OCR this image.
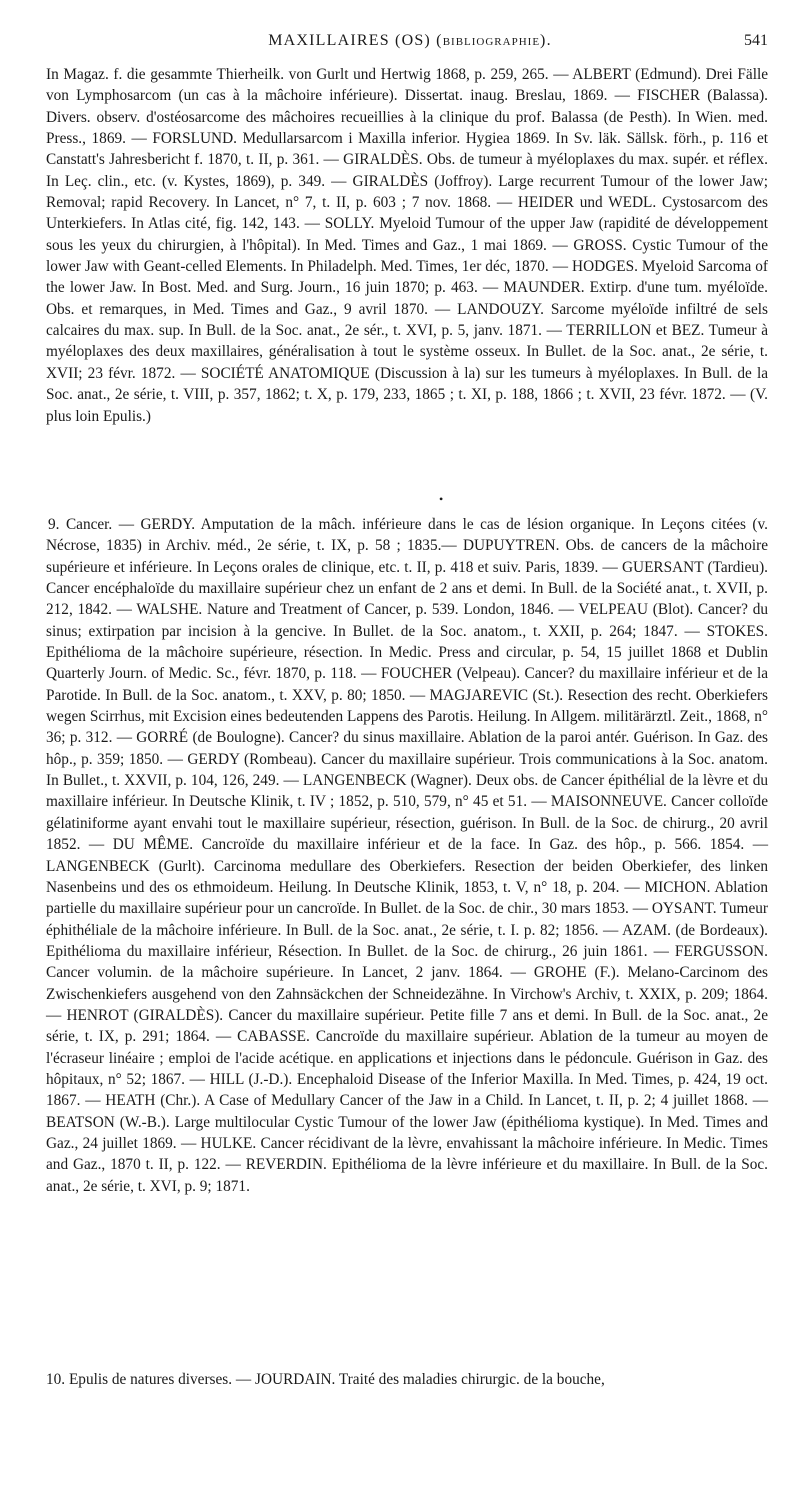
MAXILLAIRES (OS) (BIBLIOGRAPHIE).	541

In Magaz. f. die gesammte Thierheilk. von Gurlt und Hertwig 1868, p. 259, 265. — ALBERT (Edmund). Drei Fälle von Lymphosarcom (un cas à la mâchoire inférieure). Dissertat. inaug. Breslau, 1869. — FISCHER (Balassa). Divers. observ. d'ostéosarcome des mâchoires recueillies à la clinique du prof. Balassa (de Pesth). In Wien. med. Press., 1869. — FORSLUND. Medullarsarcom i Maxilla inferior. Hygiea 1869. In Sv. läk. Sällsk. förh., p. 116 et Canstatt's Jahresbericht f. 1870, t. II, p. 361. — GIRALDÈS. Obs. de tumeur à myéloplaxes du max. supér. et réflex. In Leç. clin., etc. (v. Kystes, 1869), p. 349. — GIRALDÈS (Joffroy). Large recurrent Tumour of the lower Jaw; Removal; rapid Recovery. In Lancet, n° 7, t. II, p. 603 ; 7 nov. 1868. — HEIDER und WEDL. Cystosarcom des Unterkiefers. In Atlas cité, fig. 142, 143. — SOLLY. Myeloid Tumour of the upper Jaw (rapidité de développement sous les yeux du chirurgien, à l'hôpital). In Med. Times and Gaz., 1 mai 1869. — GROSS. Cystic Tumour of the lower Jaw with Geant-celled Elements. In Philadelph. Med. Times, 1er déc, 1870. — HODGES. Myeloid Sarcoma of the lower Jaw. In Bost. Med. and Surg. Journ., 16 juin 1870; p. 463. — MAUNDER. Extirp. d'une tum. myéloïde. Obs. et remarques, in Med. Times and Gaz., 9 avril 1870. — LANDOUZY. Sarcome myéloïde infiltré de sels calcaires du max. sup. In Bull. de la Soc. anat., 2e sér., t. XVI, p. 5, janv. 1871. — TERRILLON et BEZ. Tumeur à myéloplaxes des deux maxillaires, généralisation à tout le système osseux. In Bullet. de la Soc. anat., 2e série, t. XVII; 23 févr. 1872. — SOCIÉTÉ ANATOMIQUE (Discussion à la) sur les tumeurs à myéloplaxes. In Bull. de la Soc. anat., 2e série, t. VIII, p. 357, 1862; t. X, p. 179, 233, 1865 ; t. XI, p. 188, 1866 ; t. XVII, 23 févr. 1872. — (V. plus loin Epulis.)

•

9. Cancer. — GERDY. Amputation de la mâch. inférieure dans le cas de lésion organique. In Leçons citées (v. Nécrose, 1835) in Archiv. méd., 2e série, t. IX, p. 58 ; 1835.— DUPUYTREN. Obs. de cancers de la mâchoire supérieure et inférieure. In Leçons orales de clinique, etc. t. II, p. 418 et suiv. Paris, 1839. — GUERSANT (Tardieu). Cancer encéphaloïde du maxillaire supérieur chez un enfant de 2 ans et demi. In Bull. de la Société anat., t. XVII, p. 212, 1842. — WALSHE. Nature and Treatment of Cancer, p. 539. London, 1846. — VELPEAU (Blot). Cancer? du sinus; extirpation par incision à la gencive. In Bullet. de la Soc. anatom., t. XXII, p. 264; 1847. — STOKES. Epithélioma de la mâchoire supérieure, résection. In Medic. Press and circular, p. 54, 15 juillet 1868 et Dublin Quarterly Journ. of Medic. Sc., févr. 1870, p. 118. — FOUCHER (Velpeau). Cancer? du maxillaire inférieur et de la Parotide. In Bull. de la Soc. anatom., t. XXV, p. 80; 1850. — MAGJAREVIC (St.). Resection des recht. Oberkiefers wegen Scirrhus, mit Excision eines bedeutenden Lappens des Parotis. Heilung. In Allgem. militärärztl. Zeit., 1868, n° 36; p. 312. — GORRÉ (de Boulogne). Cancer? du sinus maxillaire. Ablation de la paroi antér. Guérison. In Gaz. des hôp., p. 359; 1850. — GERDY (Rombeau). Cancer du maxillaire supérieur. Trois communications à la Soc. anatom. In Bullet., t. XXVII, p. 104, 126, 249. — LANGENBECK (Wagner). Deux obs. de Cancer épithélial de la lèvre et du maxillaire inférieur. In Deutsche Klinik, t. IV ; 1852, p. 510, 579, n° 45 et 51. — MAISONNEUVE. Cancer colloïde gélatiniforme ayant envahi tout le maxillaire supérieur, résection, guérison. In Bull. de la Soc. de chirurg., 20 avril 1852. — DU MÊME. Cancroïde du maxillaire inférieur et de la face. In Gaz. des hôp., p. 566. 1854. — LANGENBECK (Gurlt). Carcinoma medullare des Oberkiefers. Resection der beiden Oberkiefer, des linken Nasenbeins und des os ethmoideum. Heilung. In Deutsche Klinik, 1853, t. V, n° 18, p. 204. — MICHON. Ablation partielle du maxillaire supérieur pour un cancroïde. In Bullet. de la Soc. de chir., 30 mars 1853. — OYSANT. Tumeur éphithéliale de la mâchoire inférieure. In Bull. de la Soc. anat., 2e série, t. I. p. 82; 1856. — AZAM. (de Bordeaux). Epithélioma du maxillaire inférieur, Résection. In Bullet. de la Soc. de chirurg., 26 juin 1861. — FERGUSSON. Cancer volumin. de la mâchoire supérieure. In Lancet, 2 janv. 1864. — GROHE (F.). Melano-Carcinom des Zwischenkiefers ausgehend von den Zahnsäckchen der Schneidezähne. In Virchow's Archiv, t. XXIX, p. 209; 1864. — HENROT (GIRALDÈS). Cancer du maxillaire supérieur. Petite fille 7 ans et demi. In Bull. de la Soc. anat., 2e série, t. IX, p. 291; 1864. — CABASSE. Cancroïde du maxillaire supérieur. Ablation de la tumeur au moyen de l'écraseur linéaire ; emploi de l'acide acétique. en applications et injections dans le pédoncule. Guérison in Gaz. des hôpitaux, n° 52; 1867. — HILL (J.-D.). Encephaloid Disease of the Inferior Maxilla. In Med. Times, p. 424, 19 oct. 1867. — HEATH (Chr.). A Case of Medullary Cancer of the Jaw in a Child. In Lancet, t. II, p. 2; 4 juillet 1868. — BEATSON (W.-B.). Large multilocular Cystic Tumour of the lower Jaw (épithélioma kystique). In Med. Times and Gaz., 24 juillet 1869. — HULKE. Cancer récidivant de la lèvre, envahissant la mâchoire inférieure. In Medic. Times and Gaz., 1870 t. II, p. 122. — REVERDIN. Epithélioma de la lèvre inférieure et du maxillaire. In Bull. de la Soc. anat., 2e série, t. XVI, p. 9; 1871.

10. Epulis de natures diverses. — JOURDAIN. Traité des maladies chirurgic. de la bouche,
